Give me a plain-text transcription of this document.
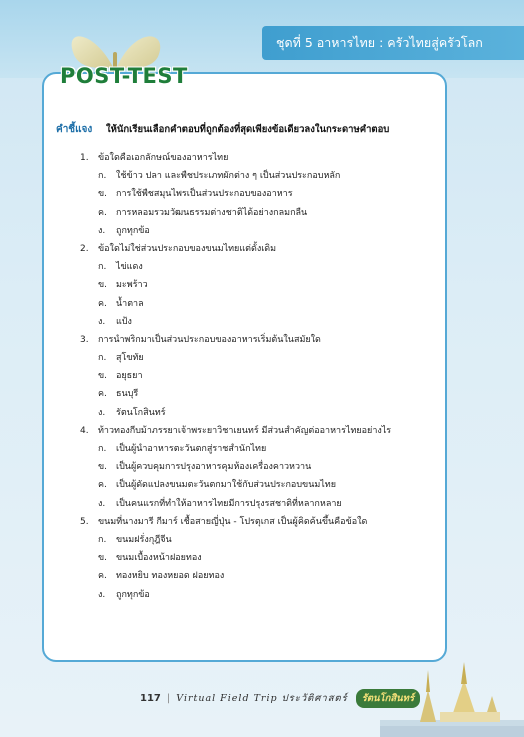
ชุดที่ 5 อาหารไทย : ครัวไทยสู่ครัวโลก
POST-TEST
คำชี้แจง	ให้นักเรียนเลือกคำตอบที่ถูกต้องที่สุดเพียงข้อเดียวลงในกระดาษคำตอบ
1.	ข้อใดคือเอกลักษณ์ของอาหารไทย
ก.	ใช้ข้าว ปลา และพืชประเภทผักต่าง ๆ เป็นส่วนประกอบหลัก
ข. การใช้พืชสมุนไพรเป็นส่วนประกอบของอาหาร
ค.	การหลอมรวมวัฒนธรรมต่างชาติได้อย่างกลมกลืน
ง.	ถูกทุกข้อ
2.	ข้อใดไม่ใช่ส่วนประกอบของขนมไทยแต่ดั้งเดิม
ก.	ไข่แดง
ข. มะพร้าว
ค.	น้ำตาล
ง.	แป้ง
3.	การนำพริกมาเป็นส่วนประกอบของอาหารเริ่มต้นในสมัยใด
ก.	สุโขทัย
ข. อยุธยา
ค.	ธนบุรี
ง.	รัตนโกสินทร์
4.	ท้าวทองกีบม้าภรรยาเจ้าพระยาวิชาเยนทร์ มีส่วนสำคัญต่ออาหารไทยอย่างไร
ก.	เป็นผู้นำอาหารตะวันตกสู่ราชสำนักไทย
ข. เป็นผู้ควบคุมการปรุงอาหารคุมห้องเครื่องคาวหวาน
ค.	เป็นผู้ดัดแปลงขนมตะวันตกมาใช้กับส่วนประกอบขนมไทย
ง.	เป็นคนแรกที่ทำให้อาหารไทยมีการปรุงรสชาติที่หลากหลาย
5.	ขนมที่นางมารี กีมาร์ เชื้อสายญี่ปุ่น - โปรตุเกส เป็นผู้คิดค้นขึ้นคือข้อใด
ก.	ขนมฝรั่งกุฎีจีน
ข. ขนมเบื้องหน้าฝอยทอง
ค.	ทองหยิบ ทองหยอด ฝอยทอง
ง.	ถูกทุกข้อ
117 | Virtual Field Trip ประวัติศาสตร์	รัตนโกสินทร์
